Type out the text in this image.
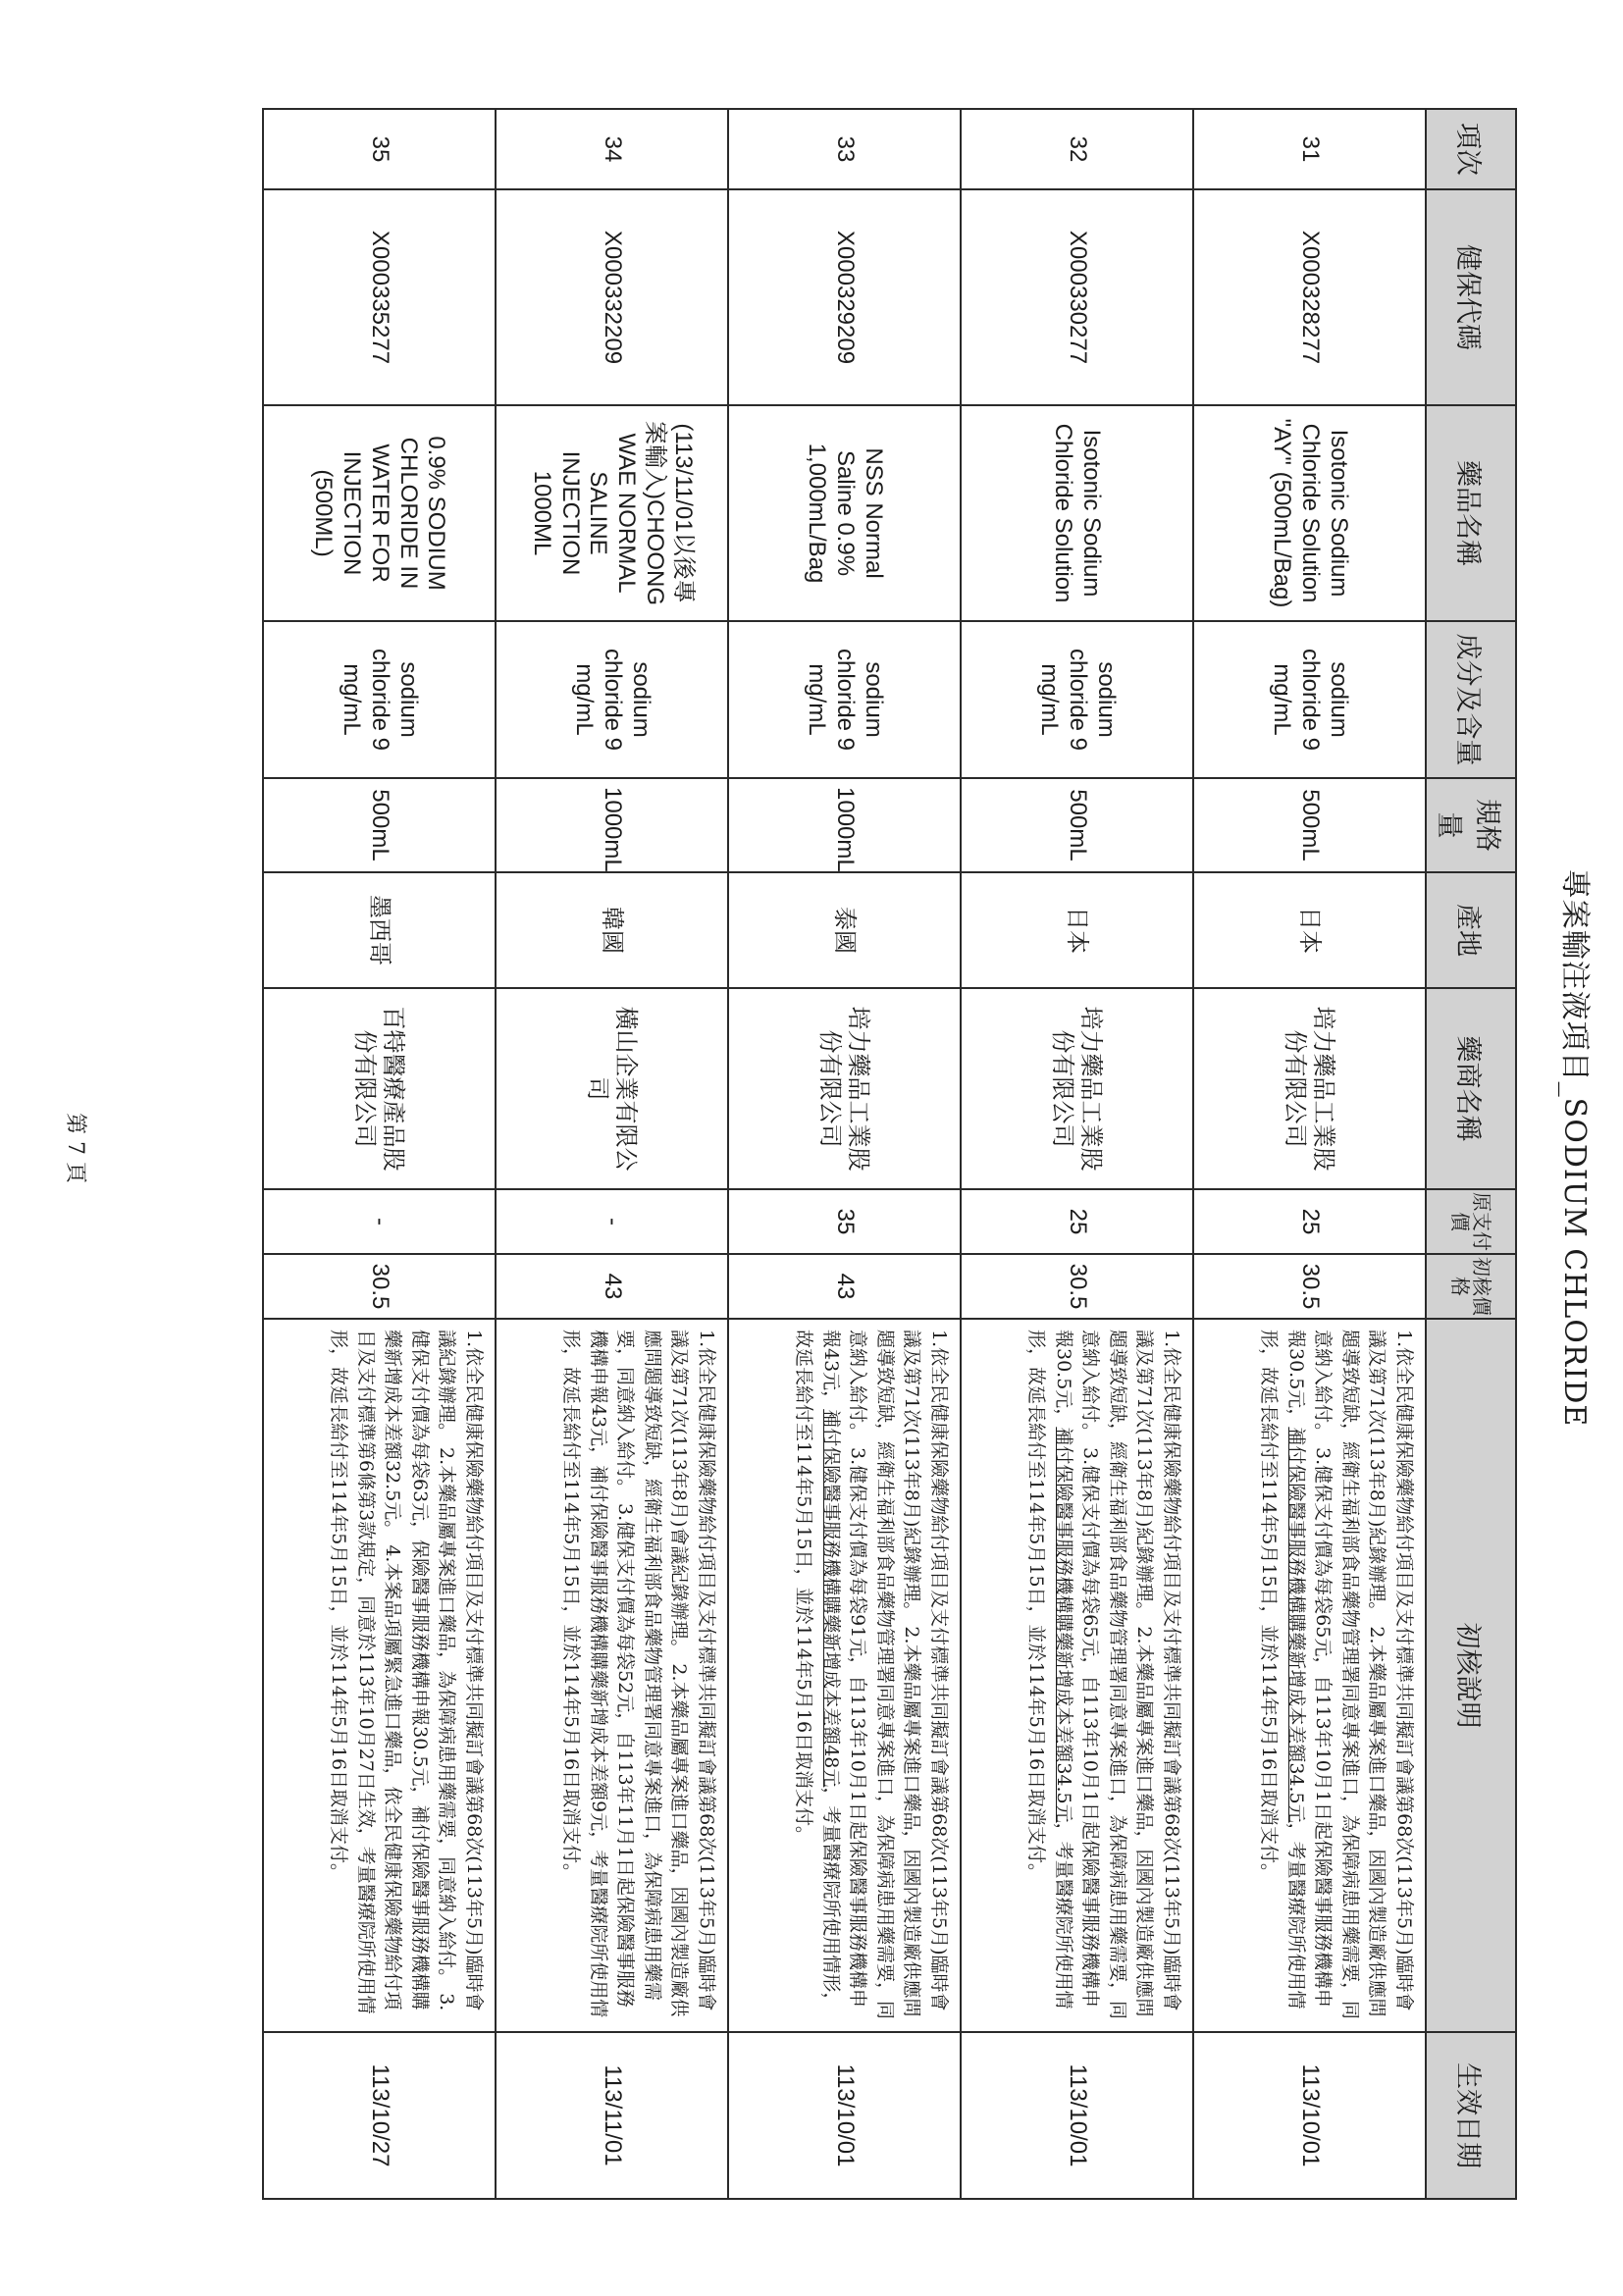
專案輸注液項目_SODIUM CHLORIDE
項次	健保代碼	藥品名稱	成分及含量	規格量	產地	藥商名稱	原支付價	初核價格	初核說明	生效日期
31	X000328277	Isotonic Sodium Chloride Solution "AY" (500mL/Bag)	sodium chloride 9 mg/mL	500mL	日本	培力藥品工業股份有限公司	25	30.5	1.依全民健康保險藥物給付項目及支付標準共同擬訂會議第68次(113年5月)臨時會議及第71次(113年8月)紀錄辦理。 2.本藥品屬專案進口藥品，因國內製造廠供應問題導致短缺，經衛生福利部食品藥物管理署同意專案進口，為保障病患用藥需要，同意納入給付。 3.健保支付價為每袋65元，自113年10月1日起保險醫事服務機構申報30.5元，補付保險醫事服務機構購藥新增成本差額34.5元，考量醫療院所使用情形，故延長給付至114年5月15日，並於114年5月16日取消支付。	113/10/01
32	X000330277	Isotonic Sodium Chloride Solution	sodium chloride 9 mg/mL	500mL	日本	培力藥品工業股份有限公司	25	30.5	1.依全民健康保險藥物給付項目及支付標準共同擬訂會議第68次(113年5月)臨時會議及第71次(113年8月)紀錄辦理。 2.本藥品屬專案進口藥品，因國內製造廠供應問題導致短缺，經衛生福利部食品藥物管理署同意專案進口，為保障病患用藥需要，同意納入給付。 3.健保支付價為每袋65元，自113年10月1日起保險醫事服務機構申報30.5元，補付保險醫事服務機構購藥新增成本差額34.5元，考量醫療院所使用情形，故延長給付至114年5月15日，並於114年5月16日取消支付。	113/10/01
33	X000329209	NSS Normal Saline 0.9% 1,000mL/Bag	sodium chloride 9 mg/mL	1000mL	泰國	培力藥品工業股份有限公司	35	43	1.依全民健康保險藥物給付項目及支付標準共同擬訂會議第68次(113年5月)臨時會議及第71次(113年8月)紀錄辦理。 2.本藥品屬專案進口藥品，因國內製造廠供應問題導致短缺，經衛生福利部食品藥物管理署同意專案進口，為保障病患用藥需要，同意納入給付。 3.健保支付價為每袋91元，自113年10月1日起保險醫事服務機構申報43元，補付保險醫事服務機構購藥新增成本差額48元，考量醫療院所使用情形，故延長給付至114年5月15日，並於114年5月16日取消支付。	113/10/01
34	X000332209	(113/11/01以後專案輸入)CHOONG WAE NORMAL SALINE INJECTION 1000ML	sodium chloride 9 mg/mL	1000mL	韓國	橫山企業有限公司	-	43	1.依全民健康保險藥物給付項目及支付標準共同擬訂會議第68次(113年5月)臨時會議及第71次(113年8月)會議紀錄辦理。 2.本藥品屬專案進口藥品，因國內製造廠供應問題導致短缺，經衛生福利部食品藥物管理署同意專案進口，為保障病患用藥需要，同意納入給付。 3.健保支付價為每袋52元，自113年11月1日起保險醫事服務機構申報43元，補付保險醫事服務機構購藥新增成本差額9元，考量醫療院所使用情形，故延長給付至114年5月15日，並於114年5月16日取消支付。	113/11/01
35	X000335277	0.9% SODIUM CHLORIDE IN WATER FOR INJECTION (500ML)	sodium chloride 9 mg/mL	500mL	墨西哥	百特醫療產品股份有限公司	-	30.5	1.依全民健康保險藥物給付項目及支付標準共同擬訂會議第68次(113年5月)臨時會議紀錄辦理。 2.本藥品屬專案進口藥品，為保障病患用藥需要，同意納入給付。 3.健保支付價為每袋63元，保險醫事服務機構申報30.5元，補付保險醫事服務機構購藥新增成本差額32.5元。 4.本案品項屬緊急進口藥品，依全民健康保險藥物給付項目及支付標準第6條第3款規定，同意於113年10月27日生效，考量醫療院所使用情形，故延長給付至114年5月15日，並於114年5月16日取消支付。	113/10/27
第 7 頁
